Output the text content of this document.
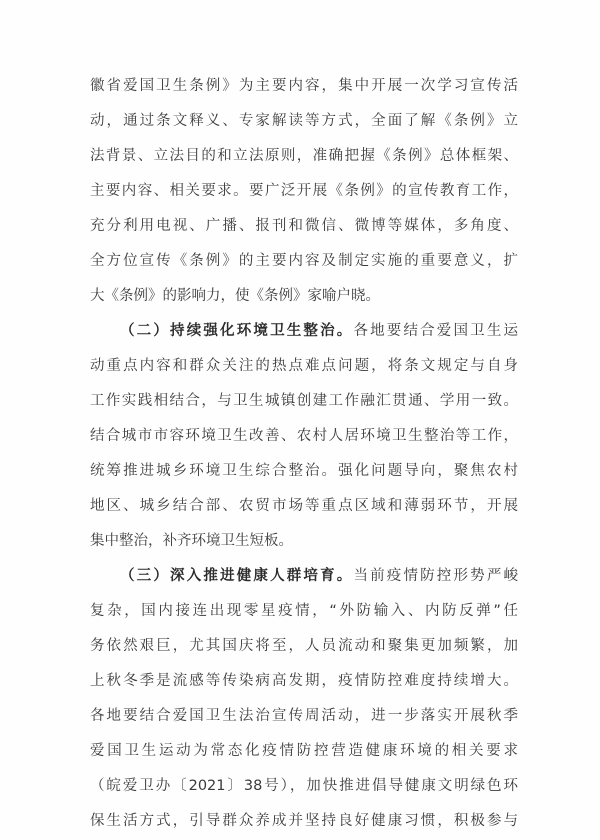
徽省爱国卫生条例》为主要内容，集中开展一次学习宣传活
动，通过条文释义、专家解读等方式，全面了解《条例》立
法背景、立法目的和立法原则，准确把握《条例》总体框架、
主要内容、相关要求。要广泛开展《条例》的宣传教育工作，
充分利用电视、广播、报刊和微信、微博等媒体，多角度、
全方位宣传《条例》的主要内容及制定实施的重要意义，扩
大《条例》的影响力，使《条例》家喻户晓。
（二）持续强化环境卫生整治。各地要结合爱国卫生运
动重点内容和群众关注的热点难点问题，将条文规定与自身
工作实践相结合，与卫生城镇创建工作融汇贯通、学用一致。
结合城市市容环境卫生改善、农村人居环境卫生整治等工作，
统筹推进城乡环境卫生综合整治。强化问题导向，聚焦农村
地区、城乡结合部、农贸市场等重点区域和薄弱环节，开展
集中整治，补齐环境卫生短板。
（三）深入推进健康人群培育。当前疫情防控形势严峻
复杂，国内接连出现零星疫情，“外防输入、内防反弹”任
务依然艰巨，尤其国庆将至，人员流动和聚集更加频繁，加
上秋冬季是流感等传染病高发期，疫情防控难度持续增大。
各地要结合爱国卫生法治宣传周活动，进一步落实开展秋季
爱国卫生运动为常态化疫情防控营造健康环境的相关要求
（皖爱卫办〔2021〕38号），加快推进倡导健康文明绿色环
保生活方式，引导群众养成并坚持良好健康习惯，积极参与
